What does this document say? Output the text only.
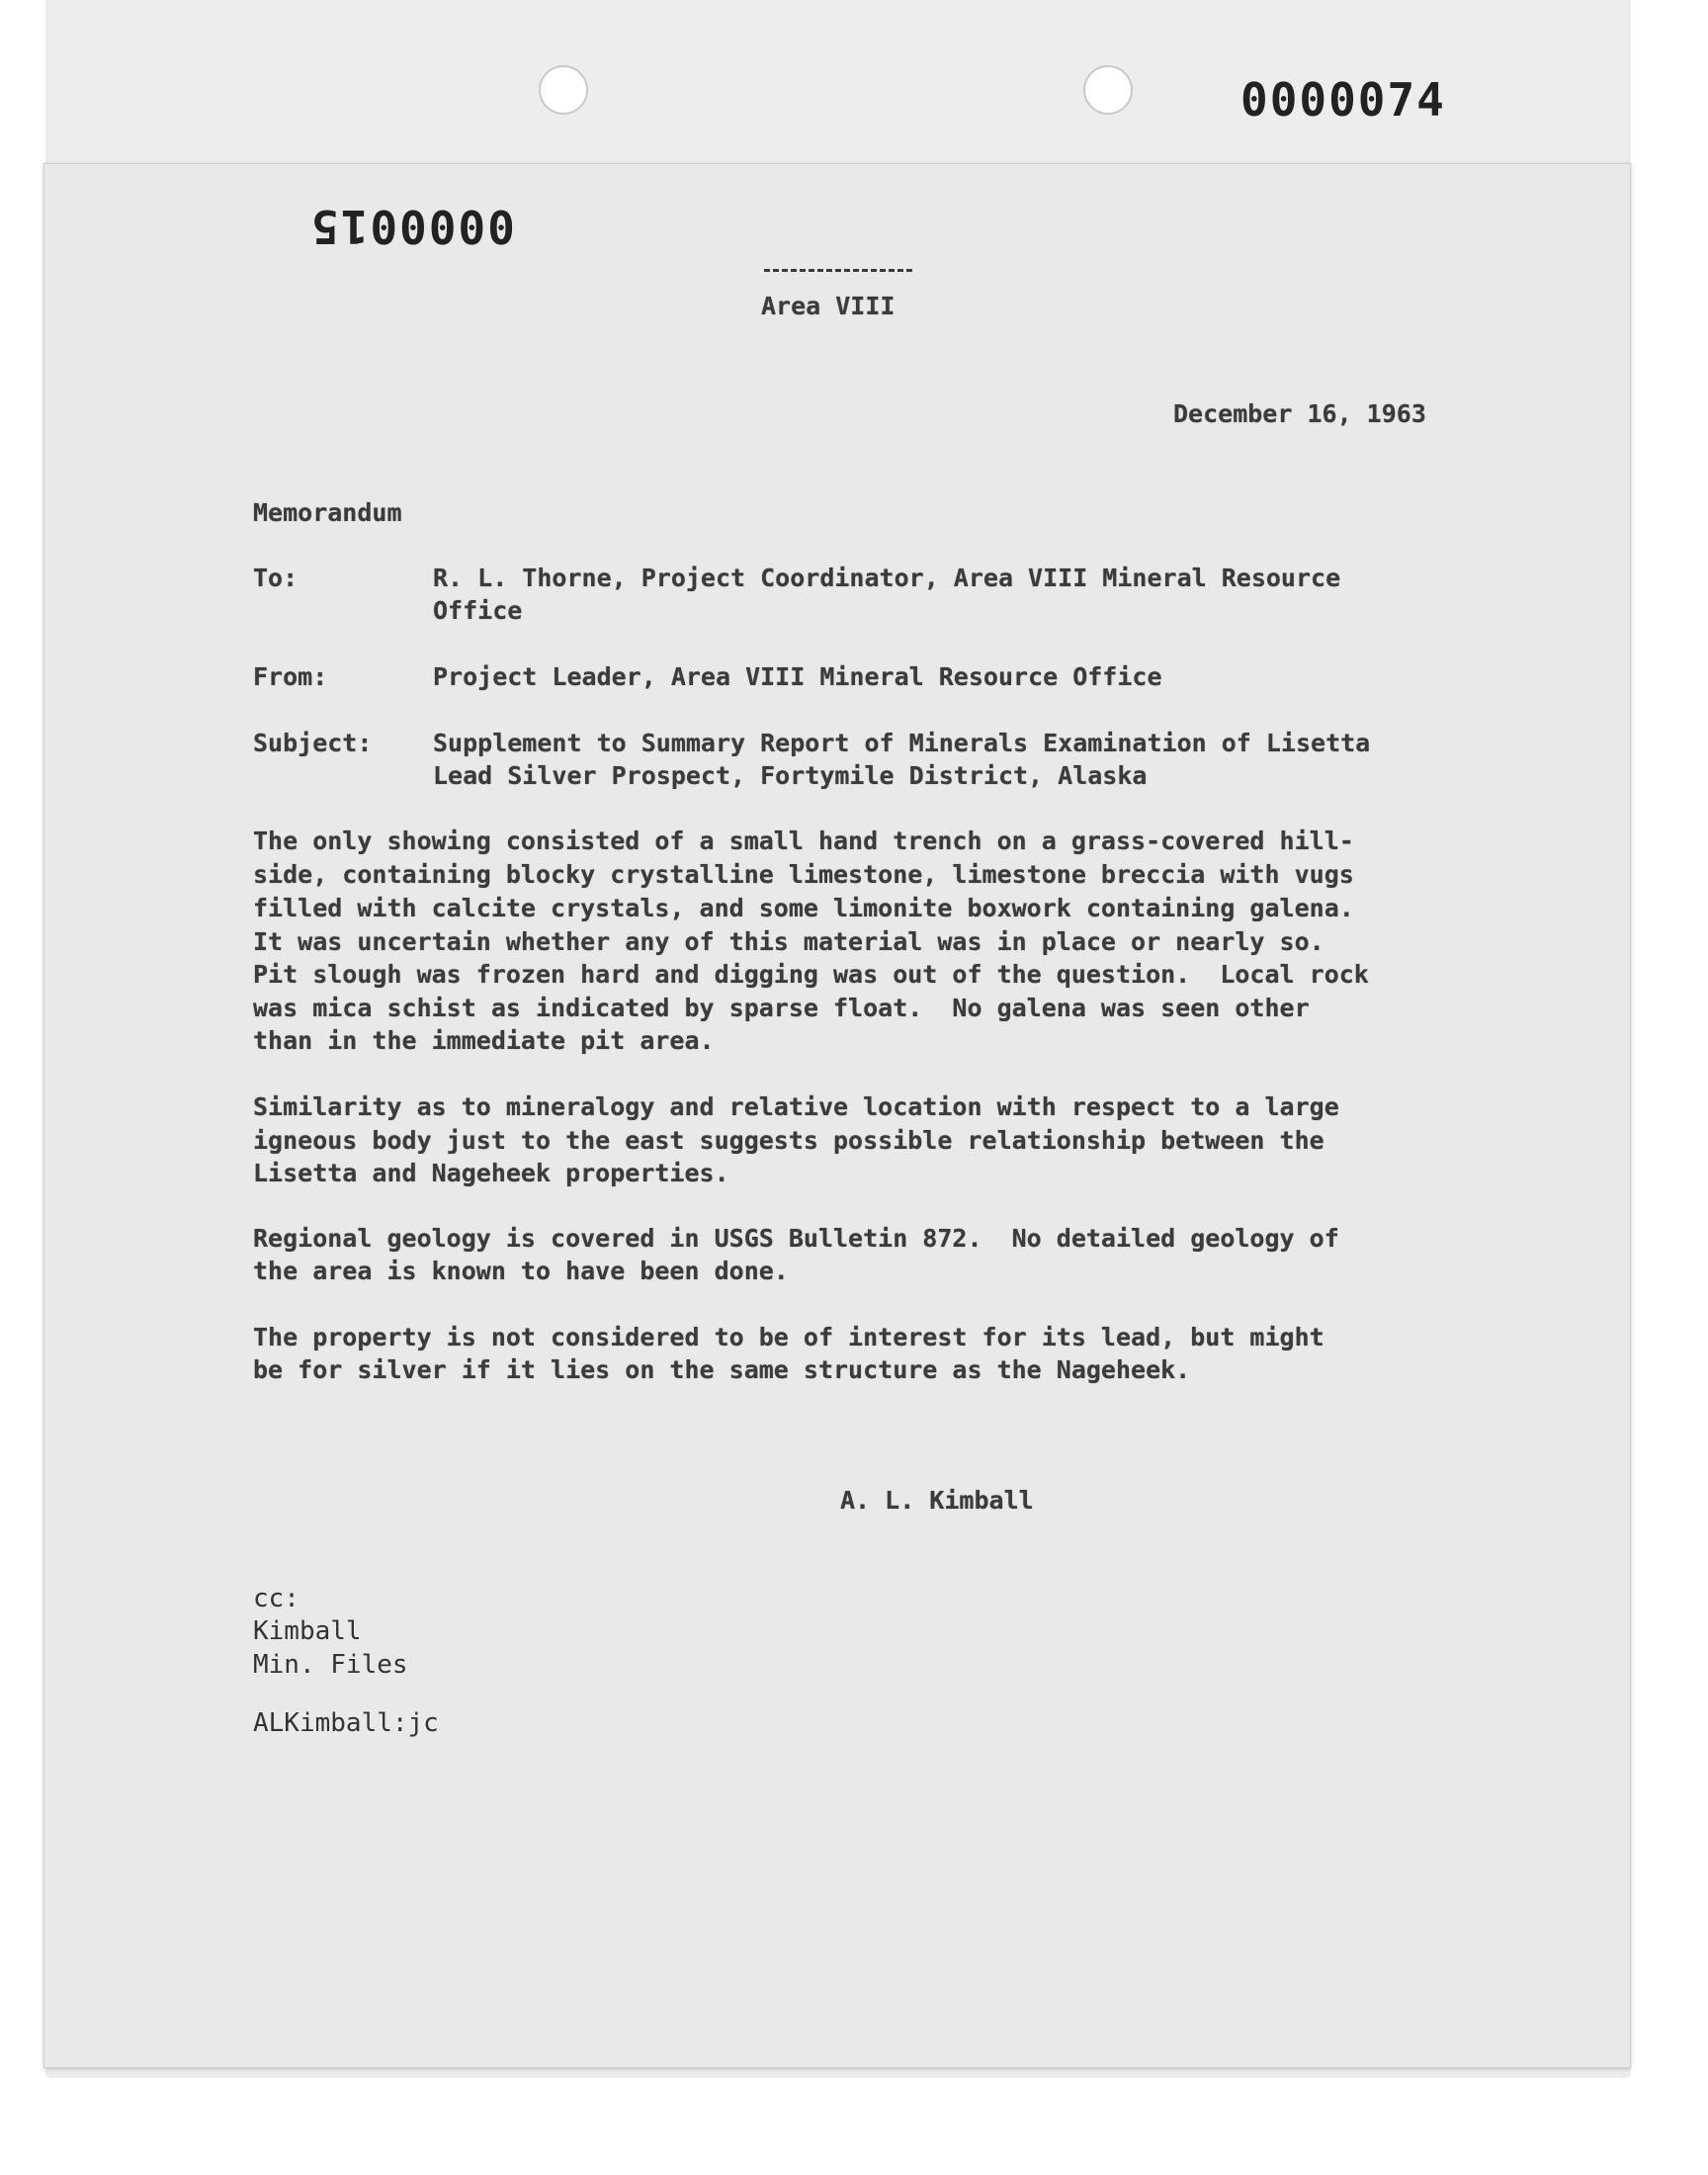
0000074
0000015
Area VIII
December 16, 1963
Memorandum
To:	R. L. Thorne, Project Coordinator, Area VIII Mineral Resource
Office
From:	Project Leader, Area VIII Mineral Resource Office
Subject: Supplement to Summary Report of Minerals Examination of Lisetta
Lead Silver Prospect, Fortymile District, Alaska
The only showing consisted of a small hand trench on a grass-covered hill-
side, containing blocky crystalline limestone, limestone breccia with vugs
filled with calcite crystals, and some limonite boxwork containing galena.
It was uncertain whether any of this material was in place or nearly so.
Pit slough was frozen hard and digging was out of the question.  Local rock
was mica schist as indicated by sparse float.  No galena was seen other
than in the immediate pit area.
Similarity as to mineralogy and relative location with respect to a large
igneous body just to the east suggests possible relationship between the
Lisetta and Nageheek properties.
Regional geology is covered in USGS Bulletin 872.  No detailed geology of
the area is known to have been done.
The property is not considered to be of interest for its lead, but might
be for silver if it lies on the same structure as the Nageheek.
A. L. Kimball
cc:
Kimball
Min. Files
ALKimball:jc
